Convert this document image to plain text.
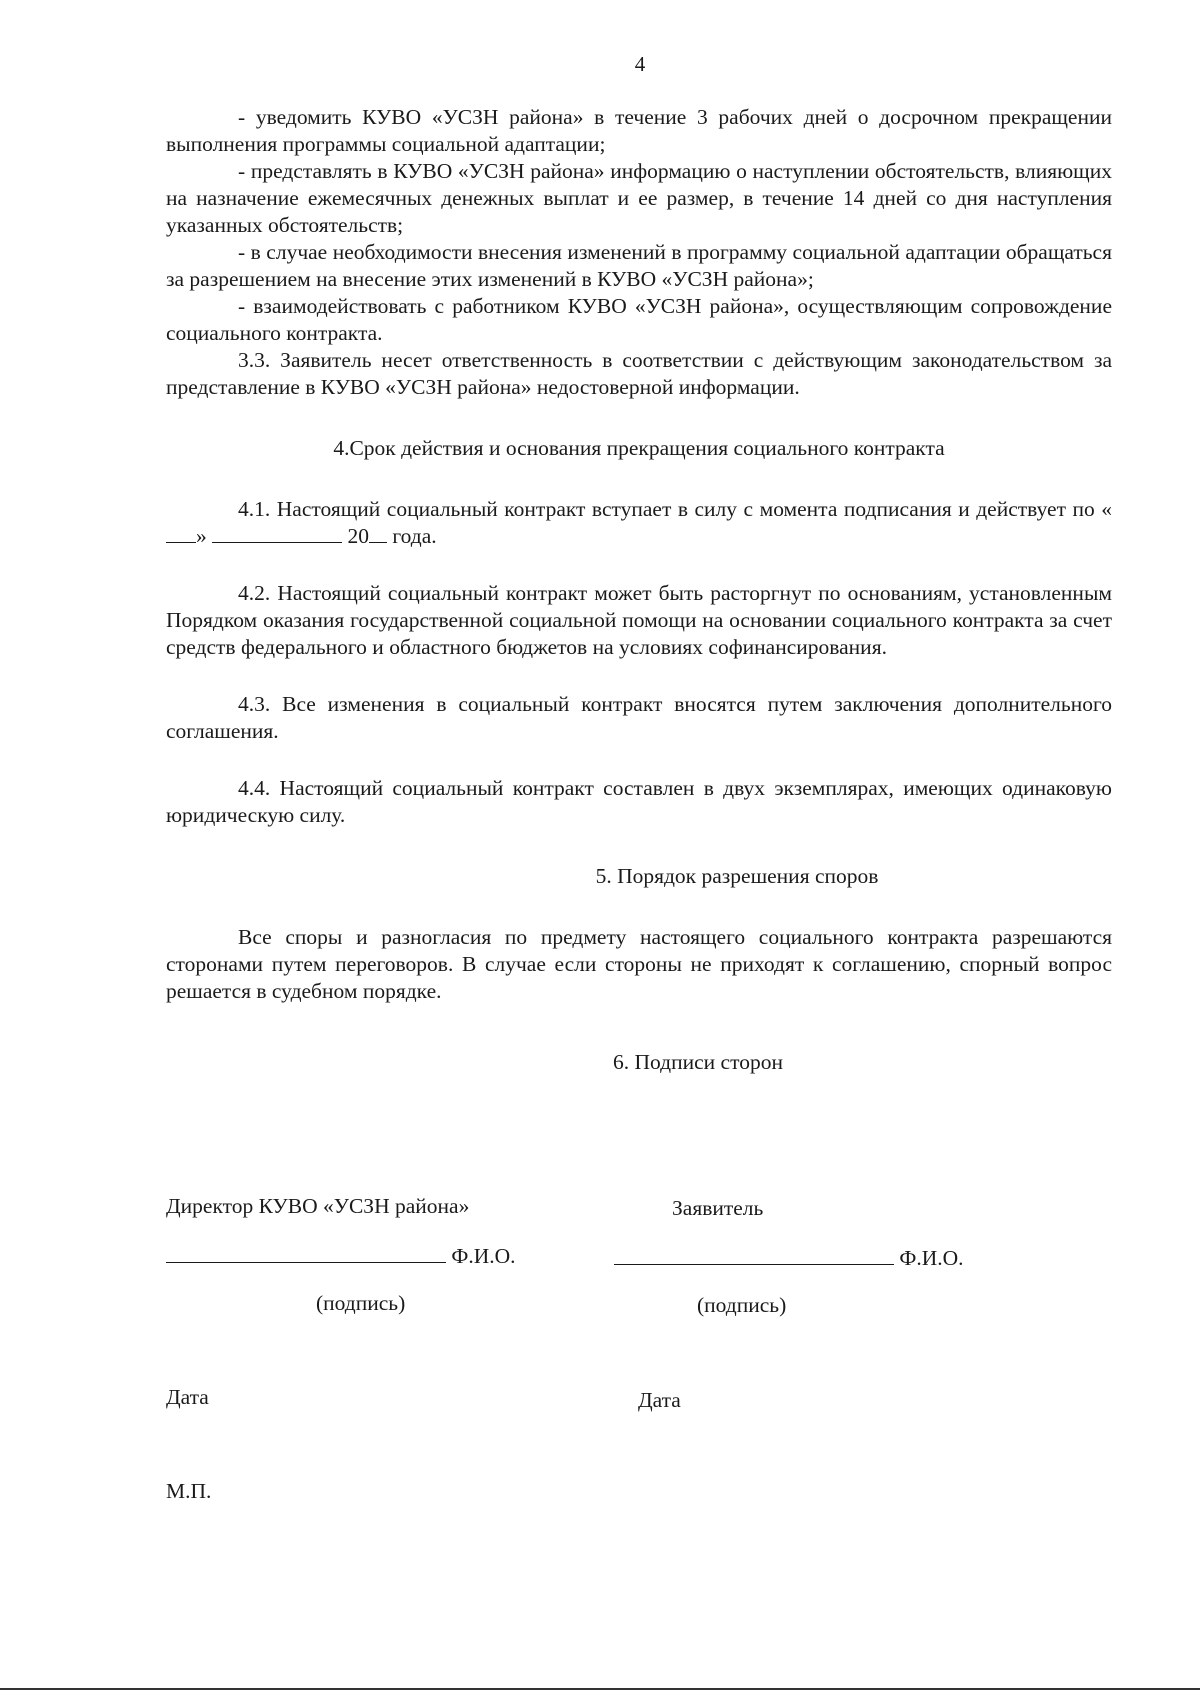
4

- уведомить КУВО «УСЗН района» в течение 3 рабочих дней о досрочном прекращении выполнения программы социальной адаптации;

- представлять в КУВО «УСЗН района» информацию о наступлении обстоятельств, влияющих на назначение ежемесячных денежных выплат и ее размер, в течение 14 дней со дня наступления указанных обстоятельств;

- в случае необходимости внесения изменений в программу социальной адаптации обращаться за разрешением на внесение этих изменений в КУВО «УСЗН района»;

- взаимодействовать с работником КУВО «УСЗН района», осуществляющим сопровождение социального контракта.

3.3. Заявитель несет ответственность в соответствии с действующим законодательством за представление в КУВО «УСЗН района» недостоверной информации.

4.Срок действия и основания прекращения социального контракта

4.1. Настоящий социальный контракт вступает в силу с момента подписания и действует по «»	20 года.

4.2. Настоящий социальный контракт может быть расторгнут по основаниям, установленным Порядком оказания государственной социальной помощи на основании социального контракта за счет средств федерального и областного бюджетов на условиях софинансирования.

4.3. Все изменения в социальный контракт вносятся путем заключения дополнительного соглашения.

4.4. Настоящий социальный контракт составлен в двух экземплярах, имеющих одинаковую юридическую силу.

5. Порядок разрешения споров

Все споры и разногласия по предмету настоящего социального контракта разрешаются сторонами путем переговоров. В случае если стороны не приходят к соглашению, спорный вопрос решается в судебном порядке.

6. Подписи сторон

Директор КУВО «УСЗН района»	Заявитель
Ф.И.О.	Ф.И.О.
(подпись)	(подпись)
Дата	Дата
М.П.
